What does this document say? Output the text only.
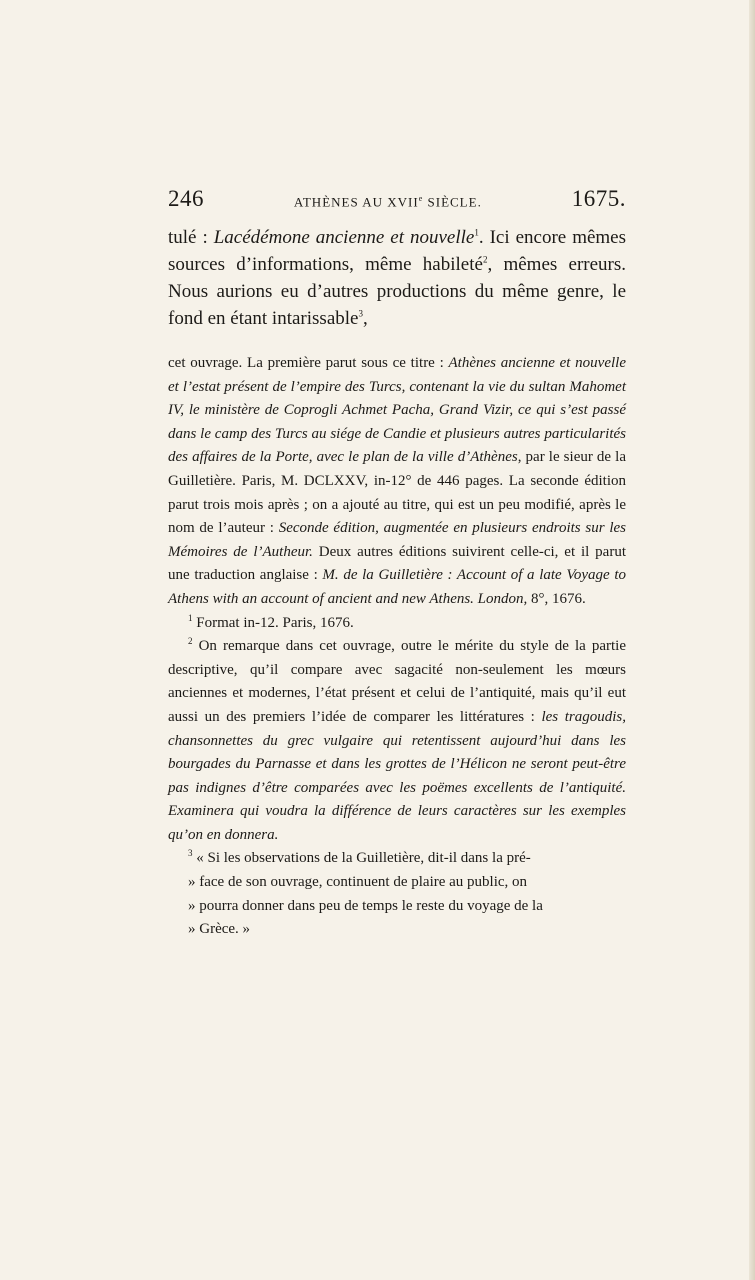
246	ATHÈNES AU XVIIe SIÈCLE.	1675.

tulé : Lacédémone ancienne et nouvelle$^1$. Ici encore mêmes sources d’informations, même habileté$^2$, mêmes erreurs. Nous aurions eu d’autres productions du même genre, le fond en étant intarissable$^3$,

cet ouvrage. La première parut sous ce titre : Athènes ancienne et nouvelle et l’estat présent de l’empire des Turcs, contenant la vie du sultan Mahomet IV, le ministère de Coprogli Achmet Pacha, Grand Vizir, ce qui s’est passé dans le camp des Turcs au siége de Candie et plusieurs autres particularités des affaires de la Porte, avec le plan de la ville d’Athènes, par le sieur de la Guilletière. Paris, M. DCLXXV, in-12° de 446 pages. La seconde édition parut trois mois après ; on a ajouté au titre, qui est un peu modifié, après le nom de l’auteur : Seconde édition, augmentée en plusieurs endroits sur les Mémoires de l’Autheur. Deux autres éditions suivirent celle-ci, et il parut une traduction anglaise : M. de la Guilletière : Account of a late Voyage to Athens with an account of ancient and new Athens. London, 8°, 1676.

$^1$ Format in-12. Paris, 1676.

$^2$ On remarque dans cet ouvrage, outre le mérite du style de la partie descriptive, qu’il compare avec sagacité non-seulement les mœurs anciennes et modernes, l’état présent et celui de l’antiquité, mais qu’il eut aussi un des premiers l’idée de comparer les littératures : les tragoudis, chansonnettes du grec vulgaire qui retentissent aujourd’hui dans les bourgades du Parnasse et dans les grottes de l’Hélicon ne seront peut-être pas indignes d’être comparées avec les poëmes excellents de l’antiquité. Examinera qui voudra la différence de leurs caractères sur les exemples qu’on en donnera.

$^3$ « Si les observations de la Guilletière, dit-il dans la pré-
» face de son ouvrage, continuent de plaire au public, on
» pourra donner dans peu de temps le reste du voyage de la
» Grèce. »
